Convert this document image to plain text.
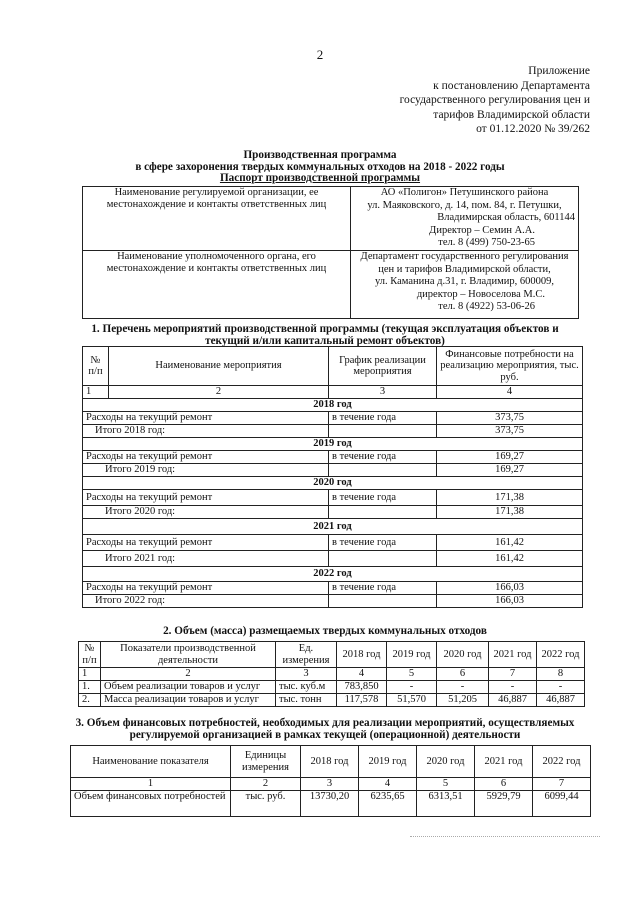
2
Приложение
к постановлению Департамента
государственного регулирования цен и
тарифов Владимирской области
от 01.12.2020 № 39/262
Производственная программа
в сфере захоронения твердых коммунальных отходов на 2018 - 2022 годы
Паспорт производственной программы
Наименование регулируемой организации, ее местонахождение и контакты ответственных лиц	АО «Полигон» Петушинского района
ул. Маяковского, д. 14, пом. 84, г. Петушки,
Владимирская область, 601144
Директор – Семин А.А.
тел. 8 (499) 750-23-65

Наименование уполномоченного органа, его местонахождение и контакты ответственных лиц	Департамент государственного регулирования
цен и тарифов Владимирской области,
ул. Каманина д.31, г. Владимир, 600009,
директор – Новоселова М.С.
тел. 8 (4922) 53-06-26
1. Перечень мероприятий производственной программы (текущая эксплуатация объектов и
текущий и/или капитальный ремонт объектов)
№ п/п	Наименование мероприятия	График реализации мероприятия	Финансовые потребности на реализацию мероприятия, тыс. руб.
1	2	3	4
2018 год			
Расходы на текущий ремонт		в течение года	373,75
Итого 2018 год:			373,75
2019 год			
Расходы на текущий ремонт		в течение года	169,27
Итого 2019 год:			169,27
2020 год			
Расходы на текущий ремонт		в течение года	171,38
Итого 2020 год:			171,38
2021 год			
Расходы на текущий ремонт		в течение года	161,42
Итого 2021 год:			161,42
2022 год			
Расходы на текущий ремонт		в течение года	166,03
Итого 2022 год:			166,03
2. Объем (масса) размещаемых твердых коммунальных отходов
№ п/п	Показатели производственной деятельности	Ед. измерения	2018 год	2019 год	2020 год	2021 год	2022 год
1	2	3	4	5	6	7	8
1.	Объем реализации товаров и услуг	тыс. куб.м	783,850	-	-	-	-
2.	Масса реализации товаров и услуг	тыс. тонн	117,578	51,570	51,205	46,887	46,887
3. Объем финансовых потребностей, необходимых для реализации мероприятий, осуществляемых
регулируемой организацией в рамках текущей (операционной) деятельности
Наименование показателя	Единицы измерения	2018 год	2019 год	2020 год	2021 год	2022 год
1	2	3	4	5	6	7
Объем финансовых потребностей	тыс. руб.	13730,20	6235,65	6313,51	5929,79	6099,44
